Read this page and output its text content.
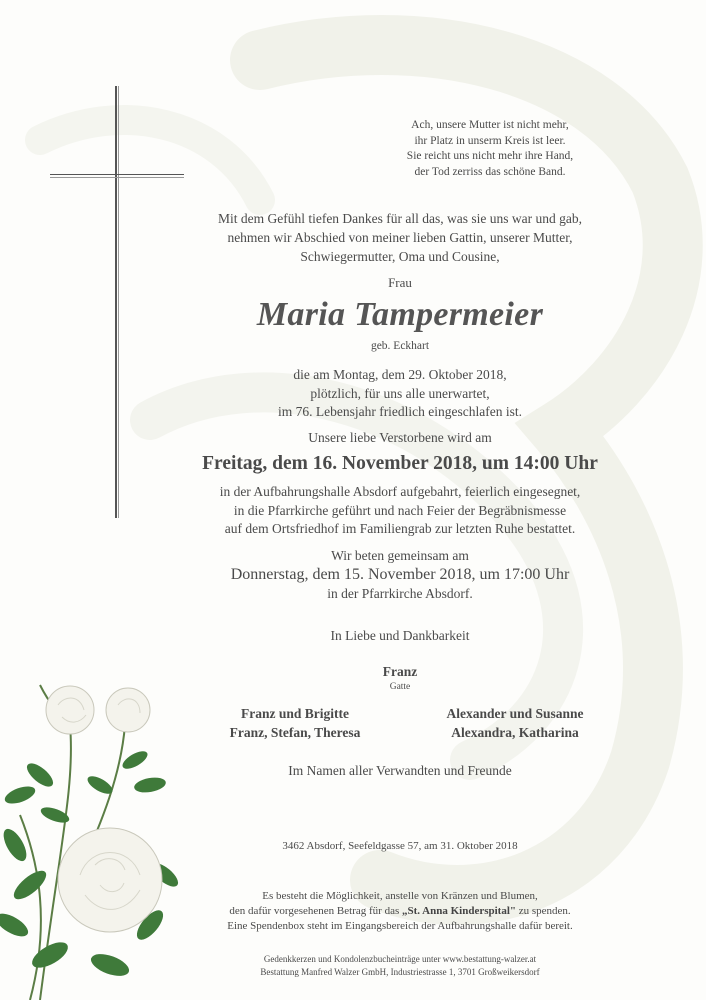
Ach, unsere Mutter ist nicht mehr,
ihr Platz in unserm Kreis ist leer.
Sie reicht uns nicht mehr ihre Hand,
der Tod zerriss das schöne Band.
Mit dem Gefühl tiefen Dankes für all das, was sie uns war und gab,
nehmen wir Abschied von meiner lieben Gattin, unserer Mutter,
Schwiegermutter, Oma und Cousine,
Frau
Maria Tampermeier
geb. Eckhart
die am Montag, dem 29. Oktober 2018,
plötzlich, für uns alle unerwartet,
im 76. Lebensjahr friedlich eingeschlafen ist.
Unsere liebe Verstorbene wird am
Freitag, dem 16. November 2018, um 14:00 Uhr
in der Aufbahrungshalle Absdorf aufgebahrt, feierlich eingesegnet,
in die Pfarrkirche geführt und nach Feier der Begräbnismesse
auf dem Ortsfriedhof im Familiengrab zur letzten Ruhe bestattet.
Wir beten gemeinsam am
Donnerstag, dem 15. November 2018, um 17:00 Uhr
in der Pfarrkirche Absdorf.
In Liebe und Dankbarkeit
Franz
Gatte
Franz und Brigitte
Franz, Stefan, Theresa
Alexander und Susanne
Alexandra, Katharina
Im Namen aller Verwandten und Freunde
3462 Absdorf, Seefeldgasse 57, am 31. Oktober 2018
Es besteht die Möglichkeit, anstelle von Kränzen und Blumen,
den dafür vorgesehenen Betrag für das „St. Anna Kinderspital" zu spenden.
Eine Spendenbox steht im Eingangsbereich der Aufbahrungshalle dafür bereit.
Gedenkkerzen und Kondolenzbucheinträge unter www.bestattung-walzer.at
Bestattung Manfred Walzer GmbH, Industriestrasse 1, 3701 Großweikersdorf
